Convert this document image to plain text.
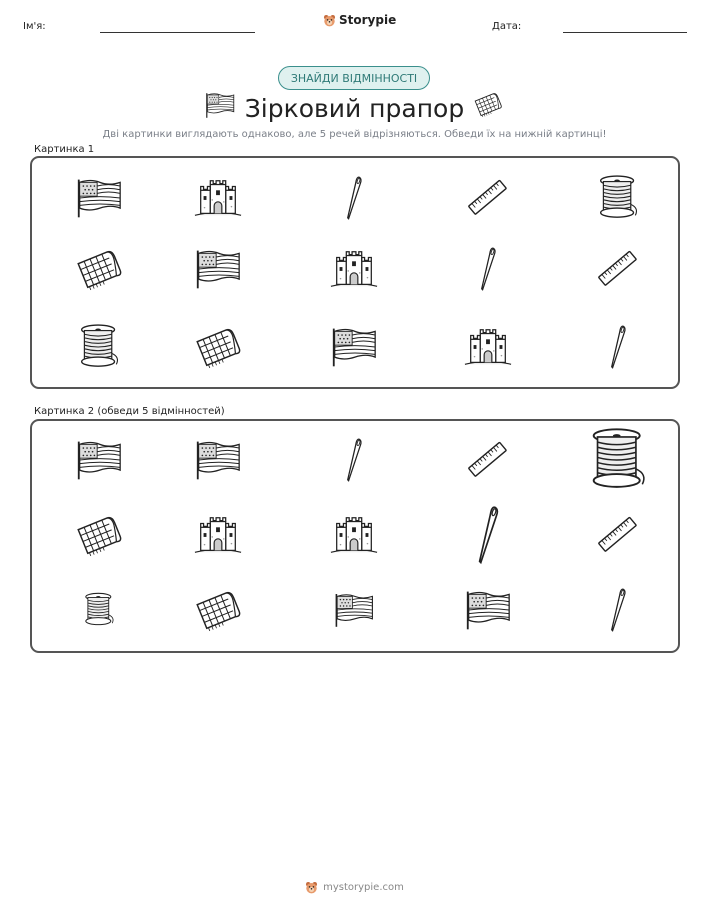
Ім'я:	Storypie	Дата:
ЗНАЙДИ ВІДМІННОСТІ
Зірковий прапор
Дві картинки виглядають однаково, але 5 речей відрізняються. Обведи їх на нижній картинці!
Картинка 1
Картинка 2 (обведи 5 відмінностей)
mystorypie.com
